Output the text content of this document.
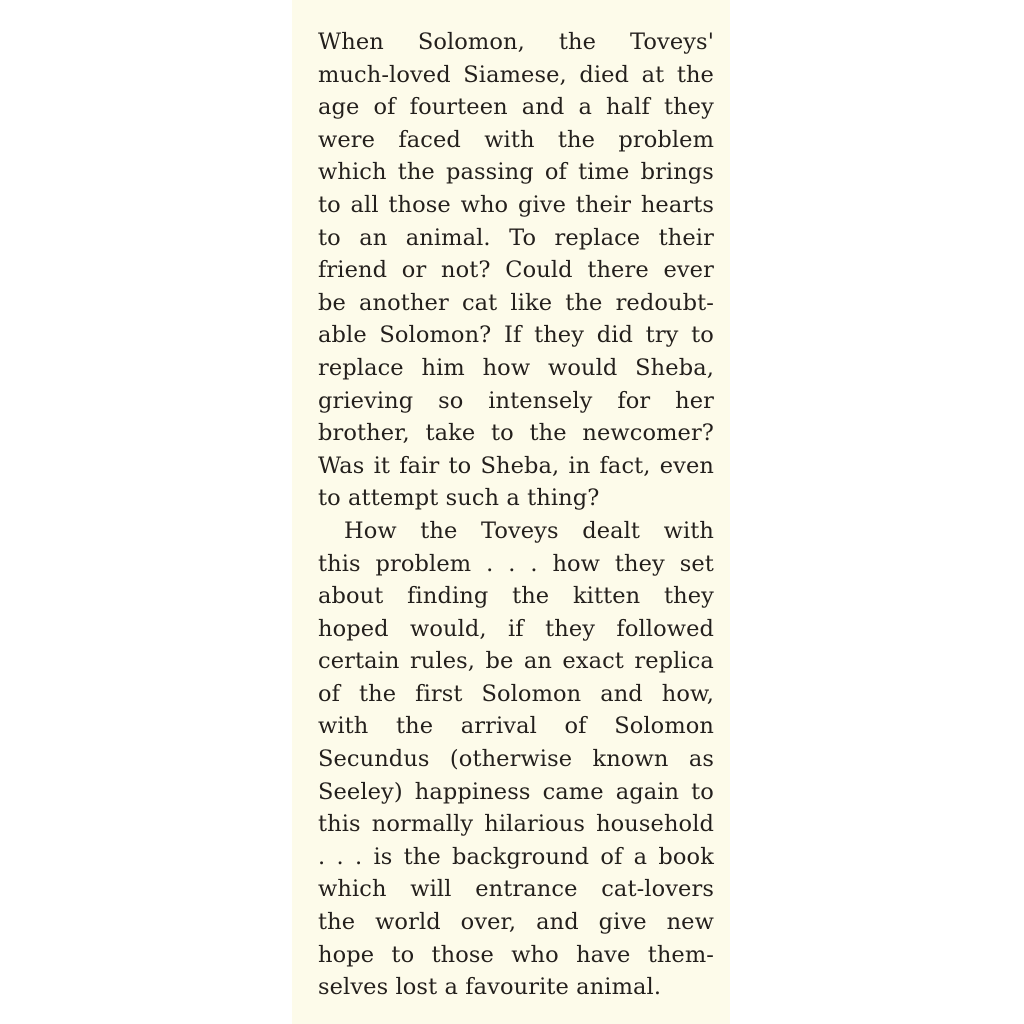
When Solomon, the Toveys'
much-loved Siamese, died at the
age of fourteen and a half they
were faced with the problem
which the passing of time brings
to all those who give their hearts
to an animal. To replace their
friend or not? Could there ever
be another cat like the redoubt-
able Solomon? If they did try to
replace him how would Sheba,
grieving so intensely for her
brother, take to the newcomer?
Was it fair to Sheba, in fact, even
to attempt such a thing?
How the Toveys dealt with
this problem . . . how they set
about finding the kitten they
hoped would, if they followed
certain rules, be an exact replica
of the first Solomon and how,
with the arrival of Solomon
Secundus (otherwise known as
Seeley) happiness came again to
this normally hilarious household
. . . is the background of a book
which will entrance cat-lovers
the world over, and give new
hope to those who have them-
selves lost a favourite animal.
